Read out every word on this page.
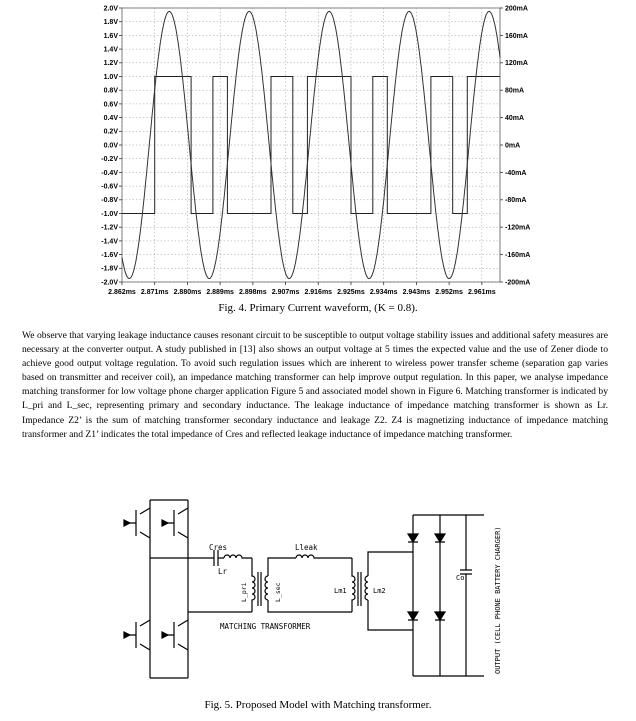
2.0V
1.8V
1.6V
1.4V
1.2V
1.0V
0.8V
0.6V
0.4V
0.2V
0.0V
-0.2V
-0.4V
-0.6V
-0.8V
-1.0V
-1.2V
-1.4V
-1.6V
-1.8V
-2.0V
200mA
160mA
120mA
80mA
40mA
0mA
-40mA
-80mA
-120mA
-160mA
-200mA
2.862ms 2.871ms 2.880ms 2.889ms 2.898ms 2.907ms 2.916ms 2.925ms 2.934ms 2.943ms 2.952ms 2.961ms
Fig. 4. Primary Current waveform, (K = 0.8).

We observe that varying leakage inductance causes resonant circuit to be susceptible to output voltage stability issues and additional safety measures are necessary at the converter output. A study published in [13] also shows an output voltage at 5 times the expected value and the use of Zener diode to achieve good output voltage regulation. To avoid such regulation issues which are inherent to wireless power transfer scheme (separation gap varies based on transmitter and receiver coil), an impedance matching transformer can help improve output regulation. In this paper, we analyse impedance matching transformer for low voltage phone charger application Figure 5 and associated model shown in Figure 6. Matching transformer is indicated by L_pri and L_sec, representing primary and secondary inductance. The leakage inductance of impedance matching transformer is shown as Lr. Impedance Z2’ is the sum of matching transformer secondary inductance and leakage Z2. Z4 is magnetizing inductance of impedance matching transformer and Z1’ indicates the total impedance of Cres and reflected leakage inductance of impedance matching transformer.

Cres
Lr
Lleak
L_pri	L_sec	Lm1	Lm2
Co
MATCHING TRANSFORMER	OUTPUT (CELL PHONE BATTERY CHARGER)
Fig. 5. Proposed Model with Matching transformer.
